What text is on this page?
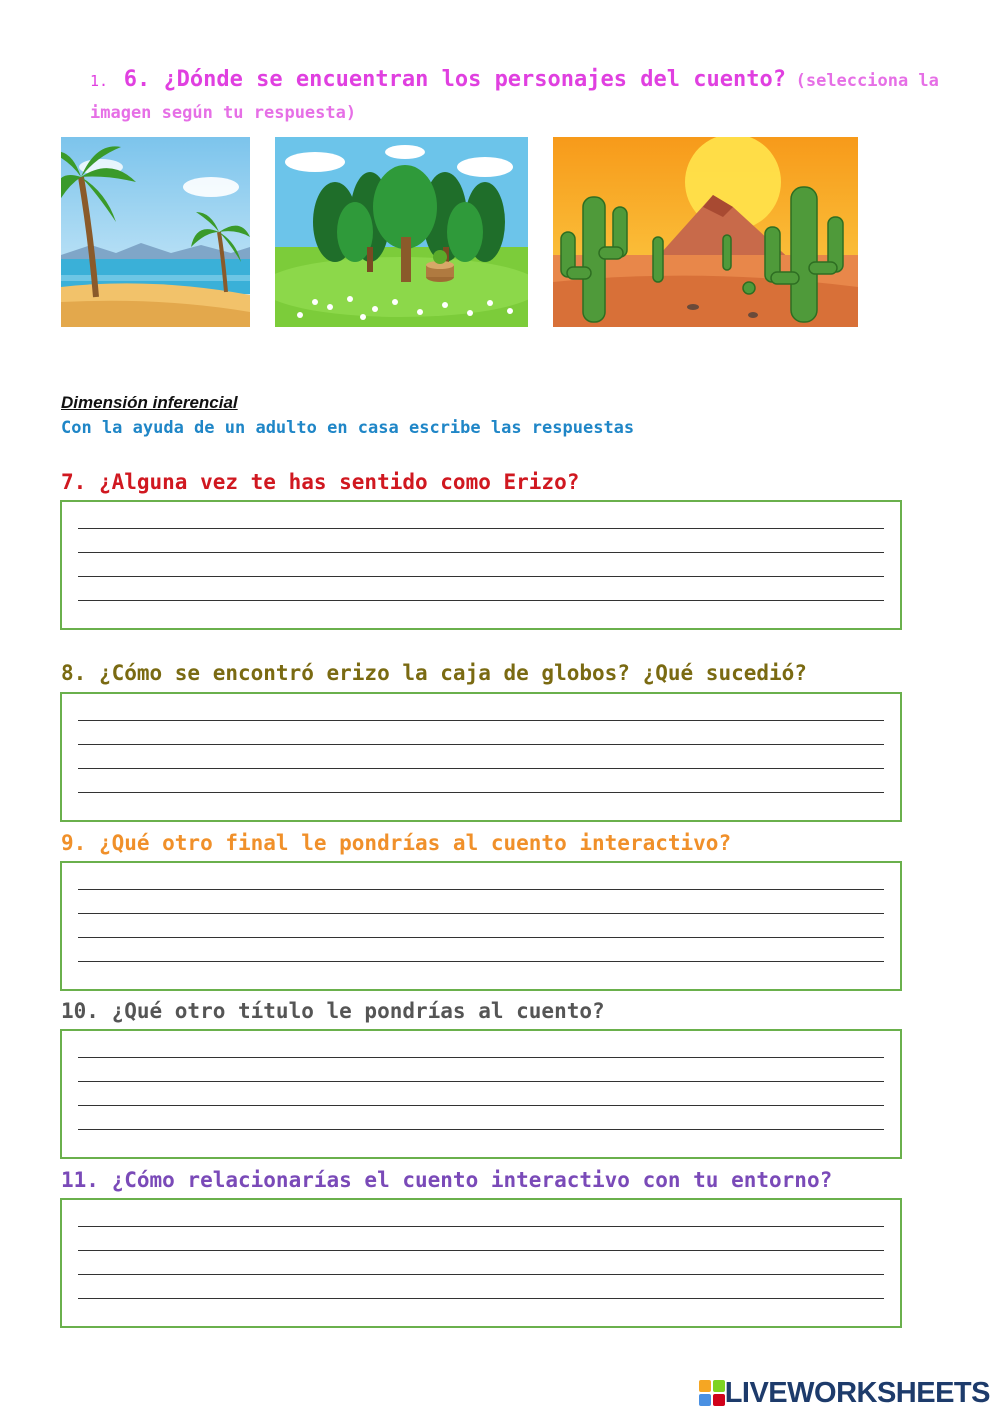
1. 6. ¿Dónde se encuentran los personajes del cuento? (selecciona la imagen según tu respuesta)
Dimensión inferencial
Con la ayuda de un adulto en casa escribe las respuestas
7. ¿Alguna vez te has sentido como Erizo?
8. ¿Cómo se encontró erizo la caja de globos? ¿Qué sucedió?
9. ¿Qué otro final le pondrías al cuento interactivo?
10. ¿Qué otro título le pondrías al cuento?
11. ¿Cómo relacionarías el cuento interactivo con tu entorno?
LIVEWORKSHEETS
